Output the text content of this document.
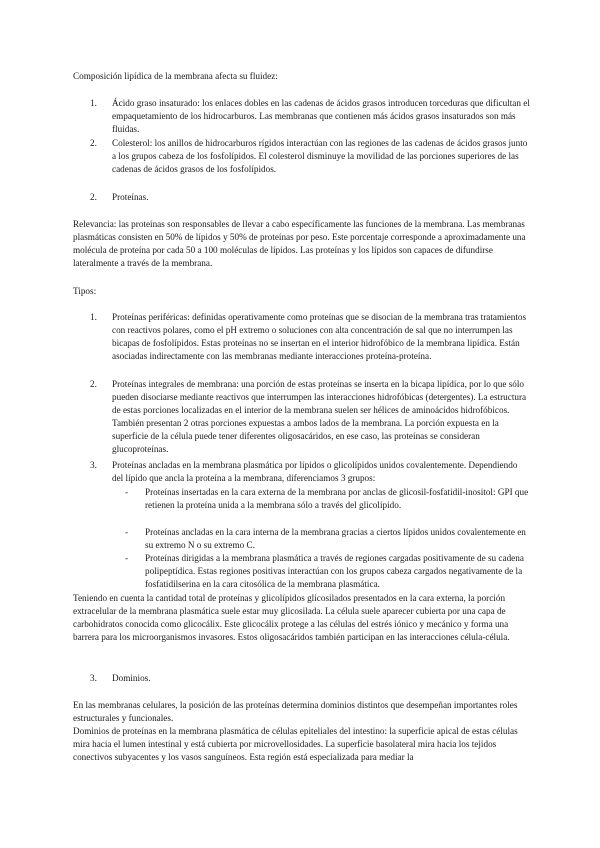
Composición lipídica de la membrana afecta su fluidez:

1.	Ácido graso insaturado: los enlaces dobles en las cadenas de ácidos grasos introducen torceduras que dificultan el empaquetamiento de los hidrocarburos. Las membranas que contienen más ácidos grasos insaturados son más fluidas.
2.	Colesterol: los anillos de hidrocarburos rígidos interactúan con las regiones de las cadenas de ácidos grasos junto a los grupos cabeza de los fosfolípidos. El colesterol disminuye la movilidad de las porciones superiores de las cadenas de ácidos grasos de los fosfolípidos.
2.	Proteínas.

Relevancia: las proteínas son responsables de llevar a cabo específicamente las funciones de la membrana. Las membranas plasmáticas consisten en 50% de lípidos y 50% de proteínas por peso. Este porcentaje corresponde a aproximadamente una molécula de proteína por cada 50 a 100 moléculas de lípidos. Las proteínas y los lípidos son capaces de difundirse lateralmente a través de la membrana.

Tipos:

1.	Proteínas periféricas: definidas operativamente como proteínas que se disocian de la membrana tras tratamientos con reactivos polares, como el pH extremo o soluciones con alta concentración de sal que no interrumpen las bicapas de fosfolípidos. Estas proteínas no se insertan en el interior hidrofóbico de la membrana lipídica. Están asociadas indirectamente con las membranas mediante interacciones proteína-proteína.
2.	Proteínas integrales de membrana: una porción de estas proteínas se inserta en la bicapa lipídica, por lo que sólo pueden disociarse mediante reactivos que interrumpen las interacciones hidrofóbicas (detergentes). La estructura de estas porciones localizadas en el interior de la membrana suelen ser hélices de aminoácidos hidrofóbicos. También presentan 2 otras porciones expuestas a ambos lados de la membrana. La porción expuesta en la superficie de la célula puede tener diferentes oligosacáridos, en ese caso, las proteínas se consideran glucoproteínas.
3.	Proteínas ancladas en la membrana plasmática por lípidos o glicolípidos unidos covalentemente. Dependiendo del lípido que ancla la proteína a la membrana, diferenciamos 3 grupos:
-	Proteínas insertadas en la cara externa de la membrana por anclas de glicosil-fosfatidil-inositol: GPI que retienen la proteína unida a la membrana sólo a través del glicolípido.
-	Proteínas ancladas en la cara interna de la membrana gracias a ciertos lípidos unidos covalentemente en su extremo N o su extremo C.
-	Proteínas dirigidas a la membrana plasmática a través de regiones cargadas positivamente de su cadena polipeptídica. Estas regiones positivas interactúan con los grupos cabeza cargados negativamente de la fosfatidilserina en la cara citosólica de la membrana plasmática.

Teniendo en cuenta la cantidad total de proteínas y glicolípidos glicosilados presentados en la cara externa, la porción extracelular de la membrana plasmática suele estar muy glicosilada. La célula suele aparecer cubierta por una capa de carbohidratos conocida como glicocálix. Este glicocálix protege a las células del estrés iónico y mecánico y forma una barrera para los microorganismos invasores. Estos oligosacáridos también participan en las interacciones célula-célula.

3.	Dominios.

En las membranas celulares, la posición de las proteínas determina dominios distintos que desempeñan importantes roles estructurales y funcionales.

Dominios de proteínas en la membrana plasmática de células epiteliales del intestino: la superficie apical de estas células mira hacia el lumen intestinal y está cubierta por microvellosidades. La superficie basolateral mira hacia los tejidos conectivos subyacentes y los vasos sanguíneos. Esta región está especializada para mediar la
